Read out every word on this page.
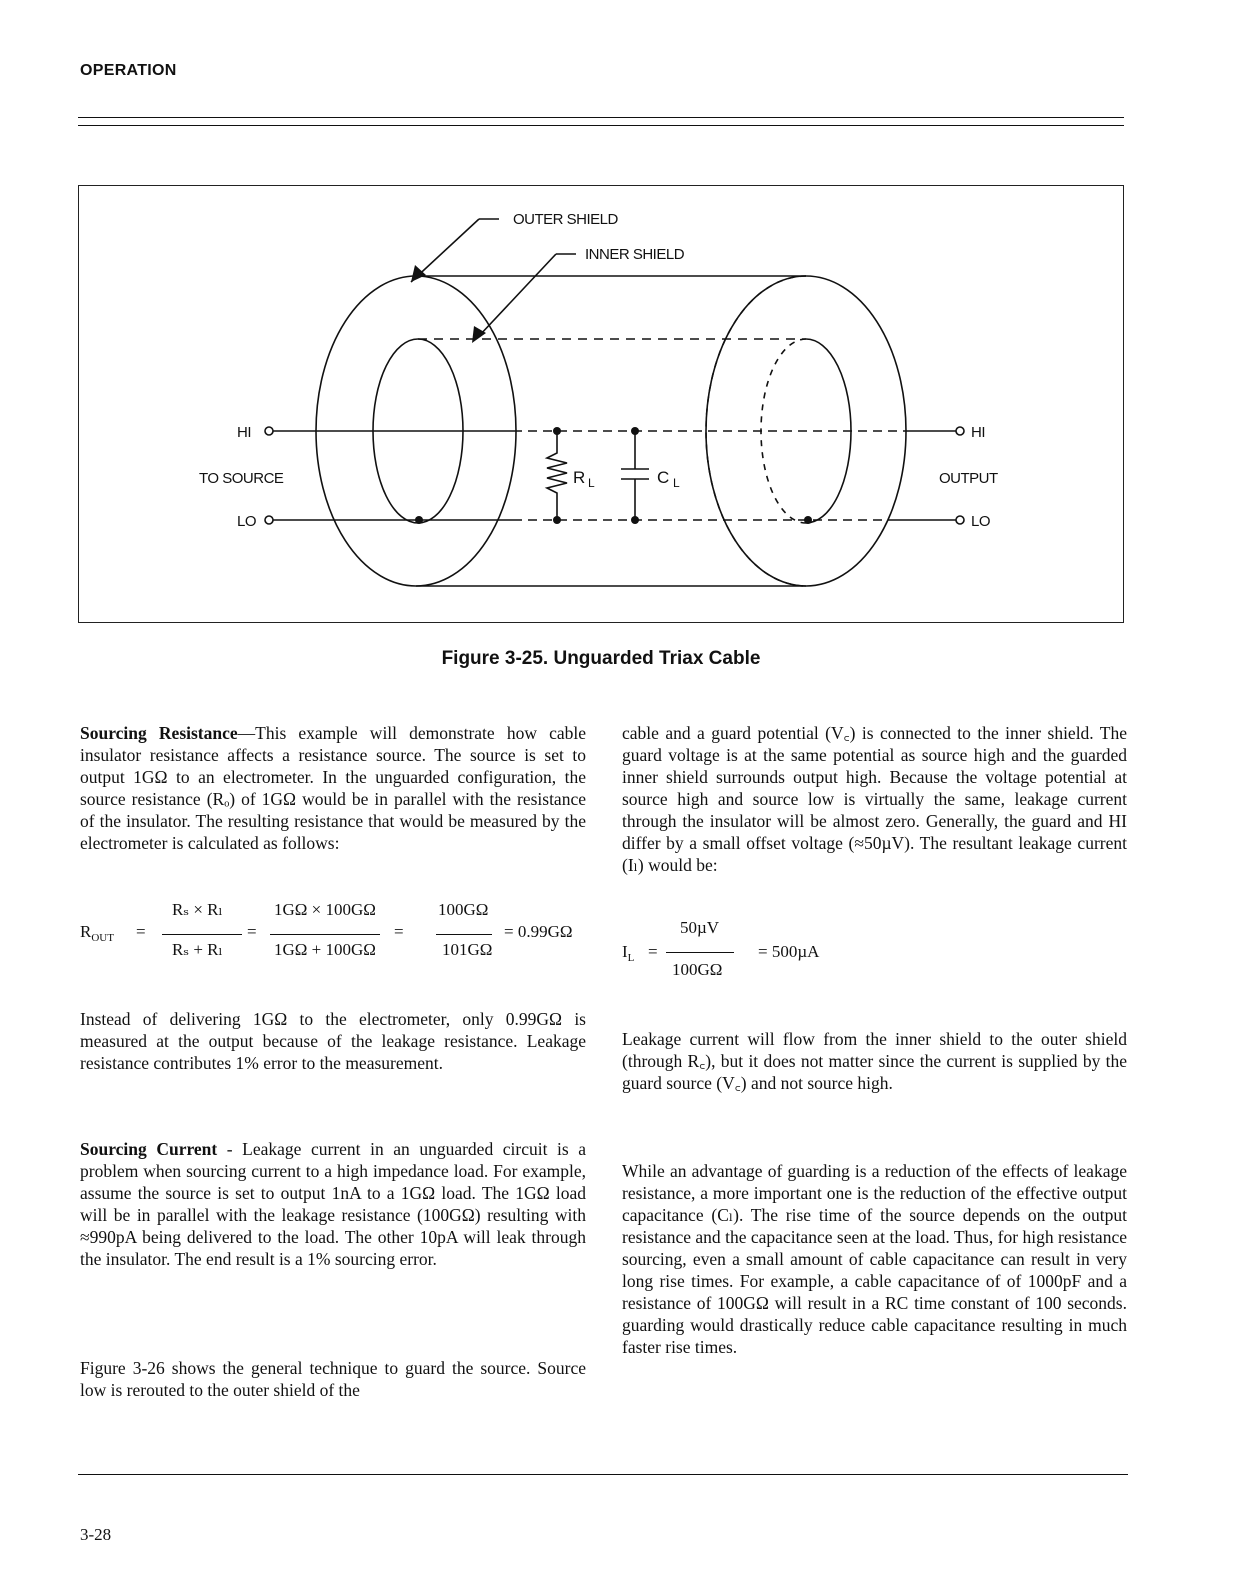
OPERATION
OUTER SHIELD
INNER SHIELD
HI
TO SOURCE
LO
HI
OUTPUT
LO
R L	C L
Figure 3-25. Unguarded Triax Cable

Sourcing Resistance—This example will demonstrate how cable insulator resistance affects a resistance source. The source is set to output 1GΩ to an electrometer. In the unguarded configuration, the source resistance (Rₒ) of 1GΩ would be in parallel with the resistance of the insulator. The resulting resistance that would be measured by the electrometer is calculated as follows:

$R_{OUT}$ =
Rₛ × Rₗ
Rₛ + Rₗ
=
1GΩ × 100GΩ
1GΩ + 100GΩ
=
100GΩ
101GΩ
= 0.99GΩ

Instead of delivering 1GΩ to the electrometer, only 0.99GΩ is measured at the output because of the leakage resistance. Leakage resistance contributes 1% error to the measurement.

Sourcing Current - Leakage current in an unguarded circuit is a problem when sourcing current to a high impedance load. For example, assume the source is set to output 1nA to a 1GΩ load. The 1GΩ load will be in parallel with the leakage resistance (100GΩ) resulting with ≈990pA being delivered to the load. The other 10pA will leak through the insulator. The end result is a 1% sourcing error.

Figure 3-26 shows the general technique to guard the source. Source low is rerouted to the outer shield of the

cable and a guard potential (V꜀) is connected to the inner shield. The guard voltage is at the same potential as source high and the guarded inner shield surrounds output high. Because the voltage potential at source high and source low is virtually the same, leakage current through the insulator will be almost zero. Generally, the guard and HI differ by a small offset voltage (≈50µV). The resultant leakage current (Iₗ) would be:

$I_L$ =
50µV
100GΩ
= 500µA

Leakage current will flow from the inner shield to the outer shield (through R꜀), but it does not matter since the current is supplied by the guard source (V꜀) and not source high.

While an advantage of guarding is a reduction of the effects of leakage resistance, a more important one is the reduction of the effective output capacitance (Cₗ). The rise time of the source depends on the output resistance and the capacitance seen at the load. Thus, for high resistance sourcing, even a small amount of cable capacitance can result in very long rise times. For example, a cable capacitance of of 1000pF and a resistance of 100GΩ will result in a RC time constant of 100 seconds. guarding would drastically reduce cable capacitance resulting in much faster rise times.

3-28
